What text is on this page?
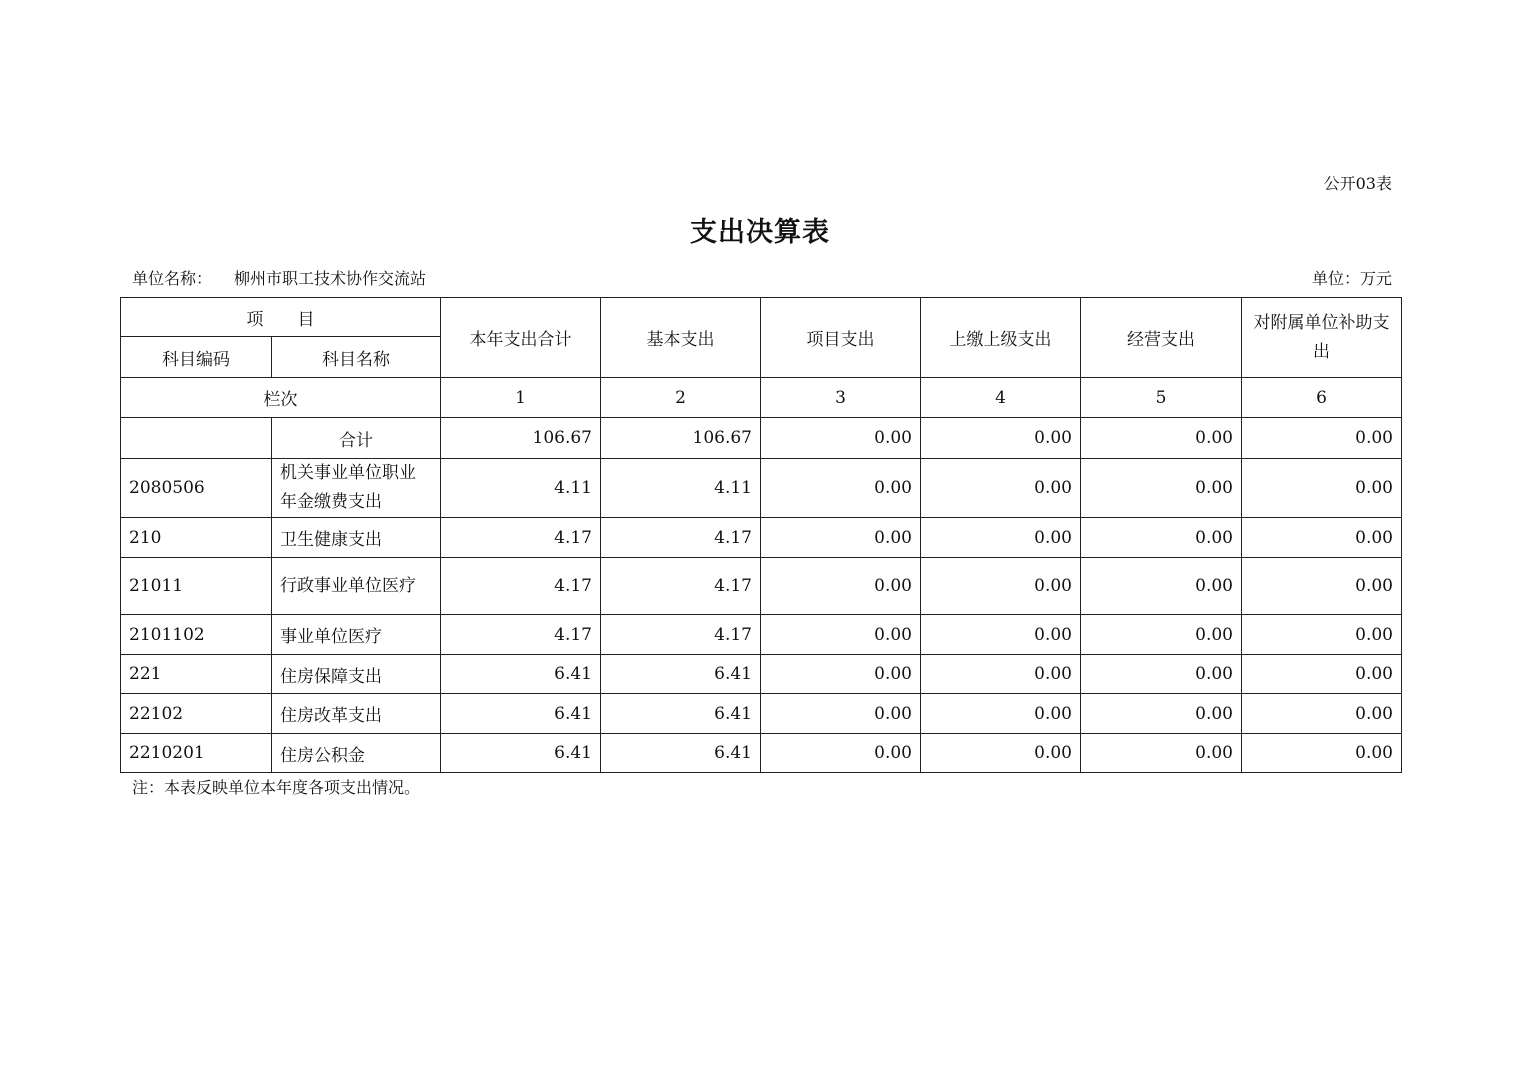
公开03表
支出决算表
单位名称： 柳州市职工技术协作交流站	单位：万元
项　　目		本年支出合计	基本支出	项目支出	上缴上级支出	经营支出	对附属单位补助支出
科目编码	科目名称						
栏次		1	2	3	4	5	6
	合计	106.67	106.67	0.00	0.00	0.00	0.00
2080506	机关事业单位职业年金缴费支出	4.11	4.11	0.00	0.00	0.00	0.00
210	卫生健康支出	4.17	4.17	0.00	0.00	0.00	0.00
21011	行政事业单位医疗	4.17	4.17	0.00	0.00	0.00	0.00
2101102	事业单位医疗	4.17	4.17	0.00	0.00	0.00	0.00
221	住房保障支出	6.41	6.41	0.00	0.00	0.00	0.00
22102	住房改革支出	6.41	6.41	0.00	0.00	0.00	0.00
2210201	住房公积金	6.41	6.41	0.00	0.00	0.00	0.00
注：本表反映单位本年度各项支出情况。
